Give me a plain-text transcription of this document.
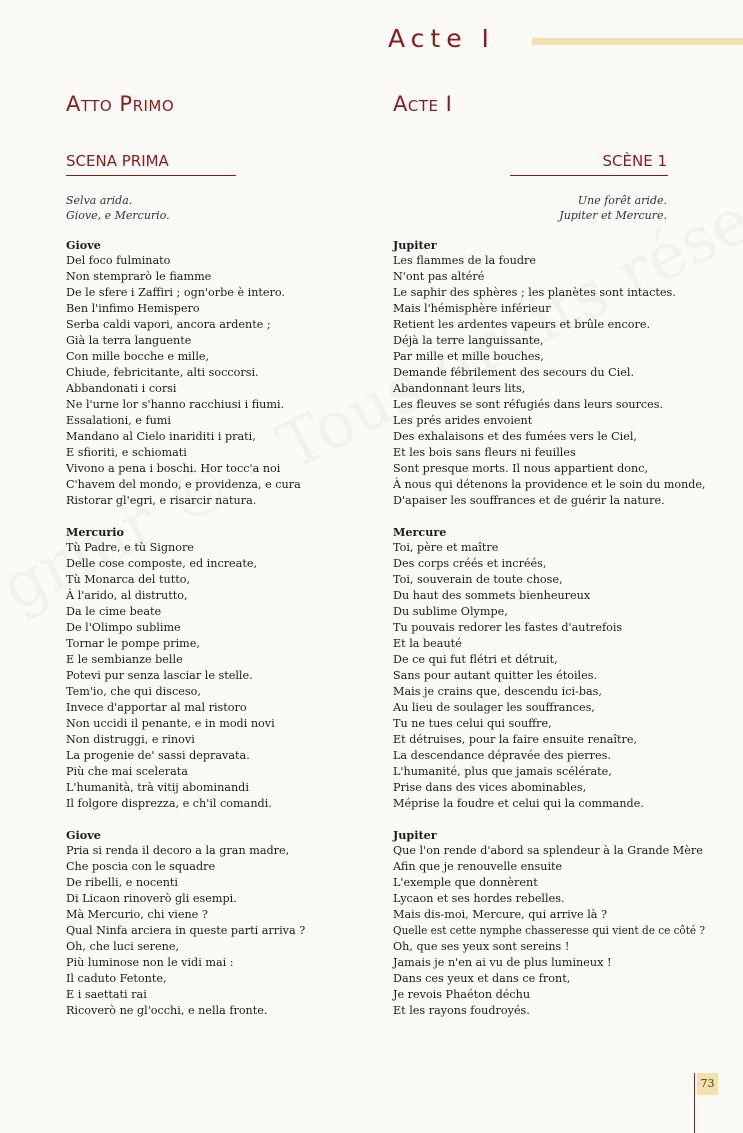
Acte I
Atto Primo	Acte I
SCENA PRIMA	SCÈNE 1
Selva arida.
Giove, e Mercurio.
Une forêt aride.
Jupiter et Mercure.
Giove
Del foco fulminato
Non stemprarò le fiamme
De le sfere i Zaffiri ; ogn'orbe è intero.
Ben l'infimo Hemispero
Serba caldi vapori, ancora ardente ;
Già la terra languente
Con mille bocche e mille,
Chiude, febricitante, alti soccorsi.
Abbandonati i corsi
Ne l'urne lor s'hanno racchiusi i fiumi.
Essalationi, e fumi
Mandano al Cielo inariditi i prati,
E sfioriti, e schiomati
Vivono a pena i boschi. Hor tocc'a noi
C'havem del mondo, e providenza, e cura
Ristorar gl'egri, e risarcir natura.
Mercurio
Tù Padre, e tù Signore
Delle cose composte, ed increate,
Tù Monarca del tutto,
À l'arido, al distrutto,
Da le cime beate
De l'Olimpo sublime
Tornar le pompe prime,
E le sembianze belle
Potevi pur senza lasciar le stelle.
Tem'io, che qui disceso,
Invece d'apportar al mal ristoro
Non uccidi il penante, e in modi novi
Non distruggi, e rinovi
La progenie de' sassi depravata.
Più che mai scelerata
L'humanità, trà vitij abominandi
Il folgore disprezza, e ch'il comandi.
Giove
Pria si renda il decoro a la gran madre,
Che poscia con le squadre
De ribelli, e nocenti
Di Licaon rinoverò gli esempi.
Mà Mercurio, chi viene ?
Qual Ninfa arciera in queste parti arriva ?
Oh, che luci serene,
Più luminose non le vidi mai :
Il caduto Fetonte,
E i saettati rai
Ricoverò ne gl'occhi, e nella fronte.
Jupiter
Les flammes de la foudre
N'ont pas altéré
Le saphir des sphères ; les planètes sont intactes.
Mais l'hémisphère inférieur
Retient les ardentes vapeurs et brûle encore.
Déjà la terre languissante,
Par mille et mille bouches,
Demande fébrilement des secours du Ciel.
Abandonnant leurs lits,
Les fleuves se sont réfugiés dans leurs sources.
Les prés arides envoient
Des exhalaisons et des fumées vers le Ciel,
Et les bois sans fleurs ni feuilles
Sont presque morts. Il nous appartient donc,
À nous qui détenons la providence et le soin du monde,
D'apaiser les souffrances et de guérir la nature.
Mercure
Toi, père et maître
Des corps créés et incréés,
Toi, souverain de toute chose,
Du haut des sommets bienheureux
Du sublime Olympe,
Tu pouvais redorer les fastes d'autrefois
Et la beauté
De ce qui fut flétri et détruit,
Sans pour autant quitter les étoiles.
Mais je crains que, descendu ici-bas,
Au lieu de soulager les souffrances,
Tu ne tues celui qui souffre,
Et détruises, pour la faire ensuite renaître,
La descendance dépravée des pierres.
L'humanité, plus que jamais scélérate,
Prise dans des vices abominables,
Méprise la foudre et celui qui la commande.
Jupiter
Que l'on rende d'abord sa splendeur à la Grande Mère
Afin que je renouvelle ensuite
L'exemple que donnèrent
Lycaon et ses hordes rebelles.
Mais dis-moi, Mercure, qui arrive là ?
Quelle est cette nymphe chasseresse qui vient de ce côté ?
Oh, que ses yeux sont sereins !
Jamais je n'en ai vu de plus lumineux !
Dans ces yeux et dans ce front,
Je revois Phaéton déchu
Et les rayons foudroyés.
73
